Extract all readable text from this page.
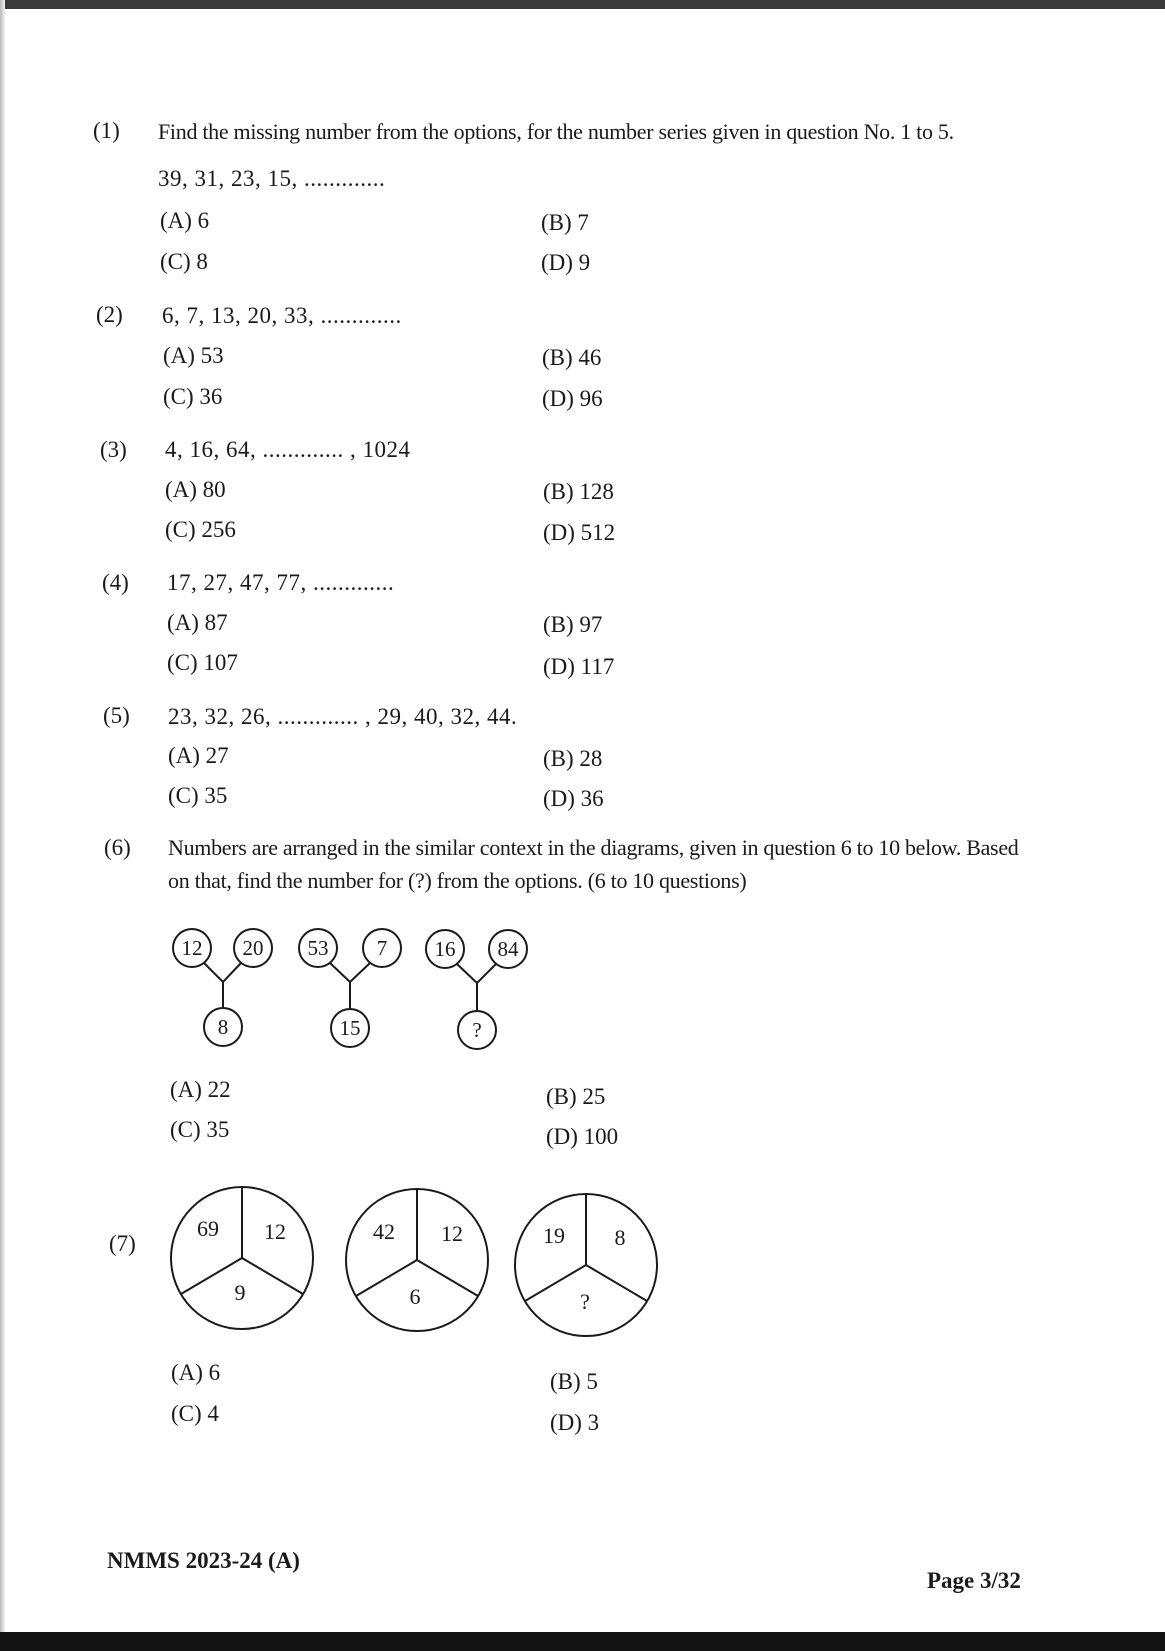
(1) Find the missing number from the options, for the number series given in question No. 1 to 5.
39, 31, 23, 15, .............
(A) 6	(B) 7
(C) 8	(D) 9
(2) 6, 7, 13, 20, 33, .............
(A) 53	(B) 46
(C) 36	(D) 96
(3) 4, 16, 64, ............. , 1024
(A) 80	(B) 128
(C) 256	(D) 512
(4) 17, 27, 47, 77, .............
(A) 87	(B) 97
(C) 107	(D) 117
(5) 23, 32, 26, ............. , 29, 40, 32, 44.
(A) 27	(B) 28
(C) 35	(D) 36
(6) Numbers are arranged in the similar context in the diagrams, given in question 6 to 10 below. Based
on that, find the number for (?) from the options. (6 to 10 questions)
12 20
8
53 7
15
16 84
?
(A) 22	(B) 25
(C) 35	(D) 100
(7)
69 12
9
42 12
6
19 8
?
(A) 6	(B) 5
(C) 4	(D) 3
NMMS 2023-24 (A)
Page 3/32
